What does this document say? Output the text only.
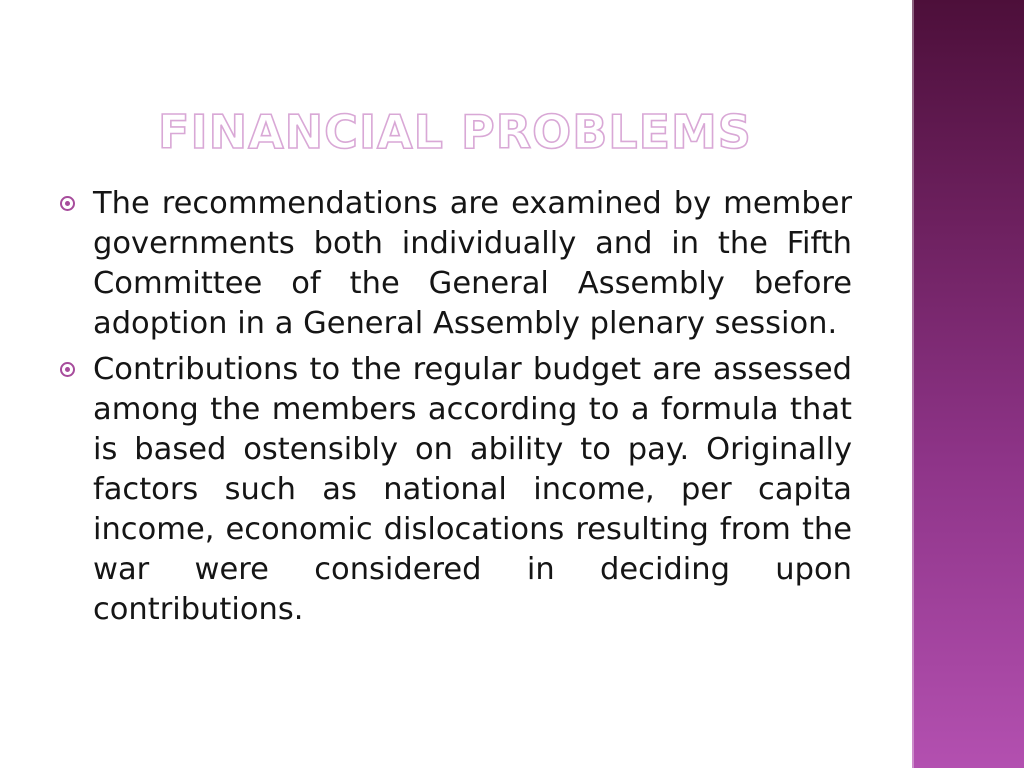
FINANCIAL PROBLEMS

The recommendations are examined by member governments both individually and in the Fifth Committee of the General Assembly before adoption in a General Assembly plenary session.

Contributions to the regular budget are assessed among the members according to a formula that is based ostensibly on ability to pay. Originally factors such as national income, per capita income, economic dislocations resulting from the war were considered in deciding upon contributions.
